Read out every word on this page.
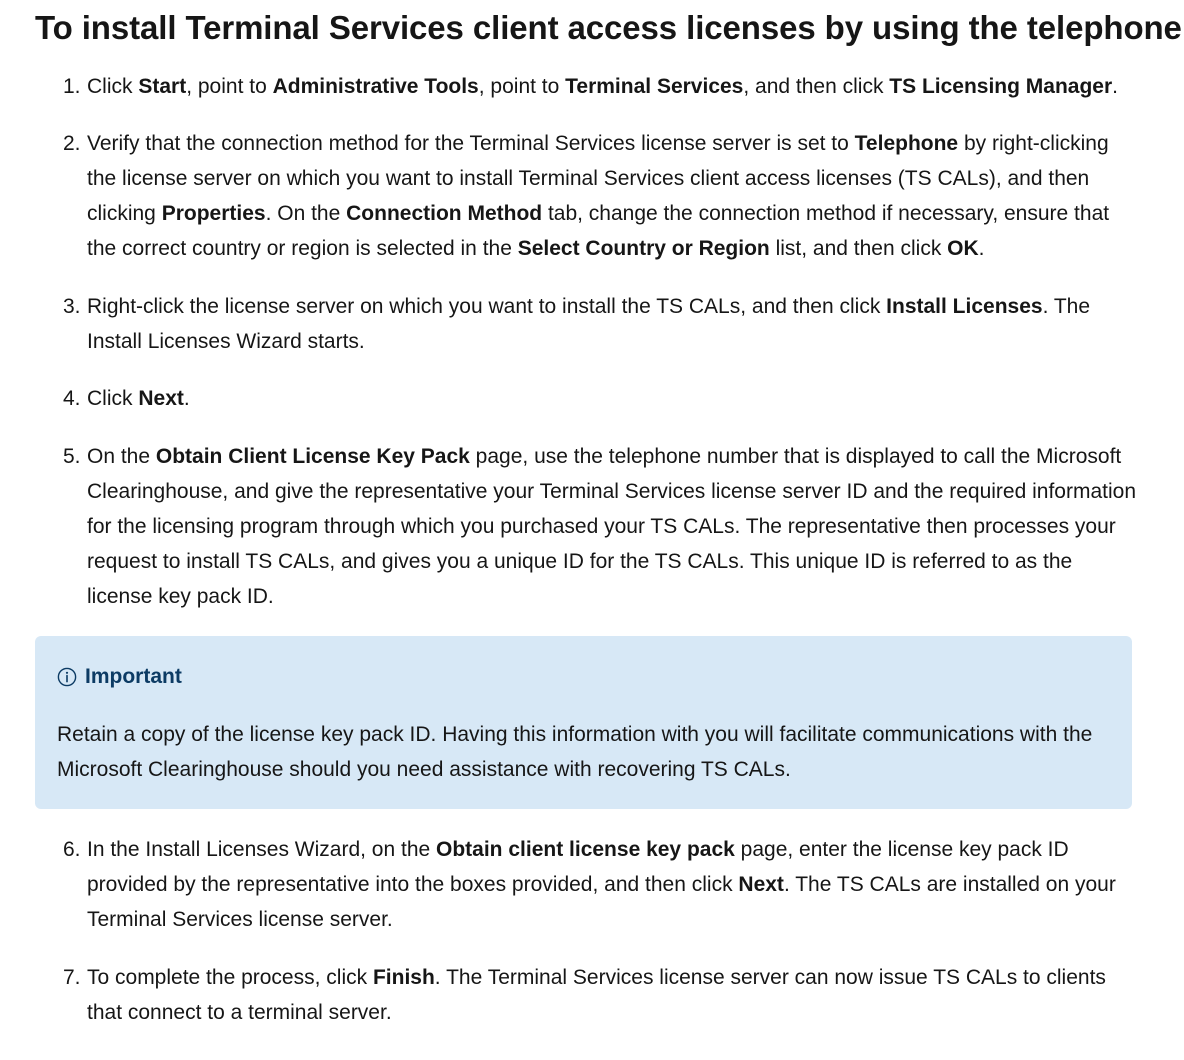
To install Terminal Services client access licenses by using the telephone
1. Click Start, point to Administrative Tools, point to Terminal Services, and then click TS Licensing Manager.
2. Verify that the connection method for the Terminal Services license server is set to Telephone by right-clicking the license server on which you want to install Terminal Services client access licenses (TS CALs), and then clicking Properties. On the Connection Method tab, change the connection method if necessary, ensure that the correct country or region is selected in the Select Country or Region list, and then click OK.
3. Right-click the license server on which you want to install the TS CALs, and then click Install Licenses. The Install Licenses Wizard starts.
4. Click Next.
5. On the Obtain Client License Key Pack page, use the telephone number that is displayed to call the Microsoft Clearinghouse, and give the representative your Terminal Services license server ID and the required information for the licensing program through which you purchased your TS CALs. The representative then processes your request to install TS CALs, and gives you a unique ID for the TS CALs. This unique ID is referred to as the license key pack ID.
Important

Retain a copy of the license key pack ID. Having this information with you will facilitate communications with the Microsoft Clearinghouse should you need assistance with recovering TS CALs.

6. In the Install Licenses Wizard, on the Obtain client license key pack page, enter the license key pack ID provided by the representative into the boxes provided, and then click Next. The TS CALs are installed on your Terminal Services license server.
7. To complete the process, click Finish. The Terminal Services license server can now issue TS CALs to clients that connect to a terminal server.
